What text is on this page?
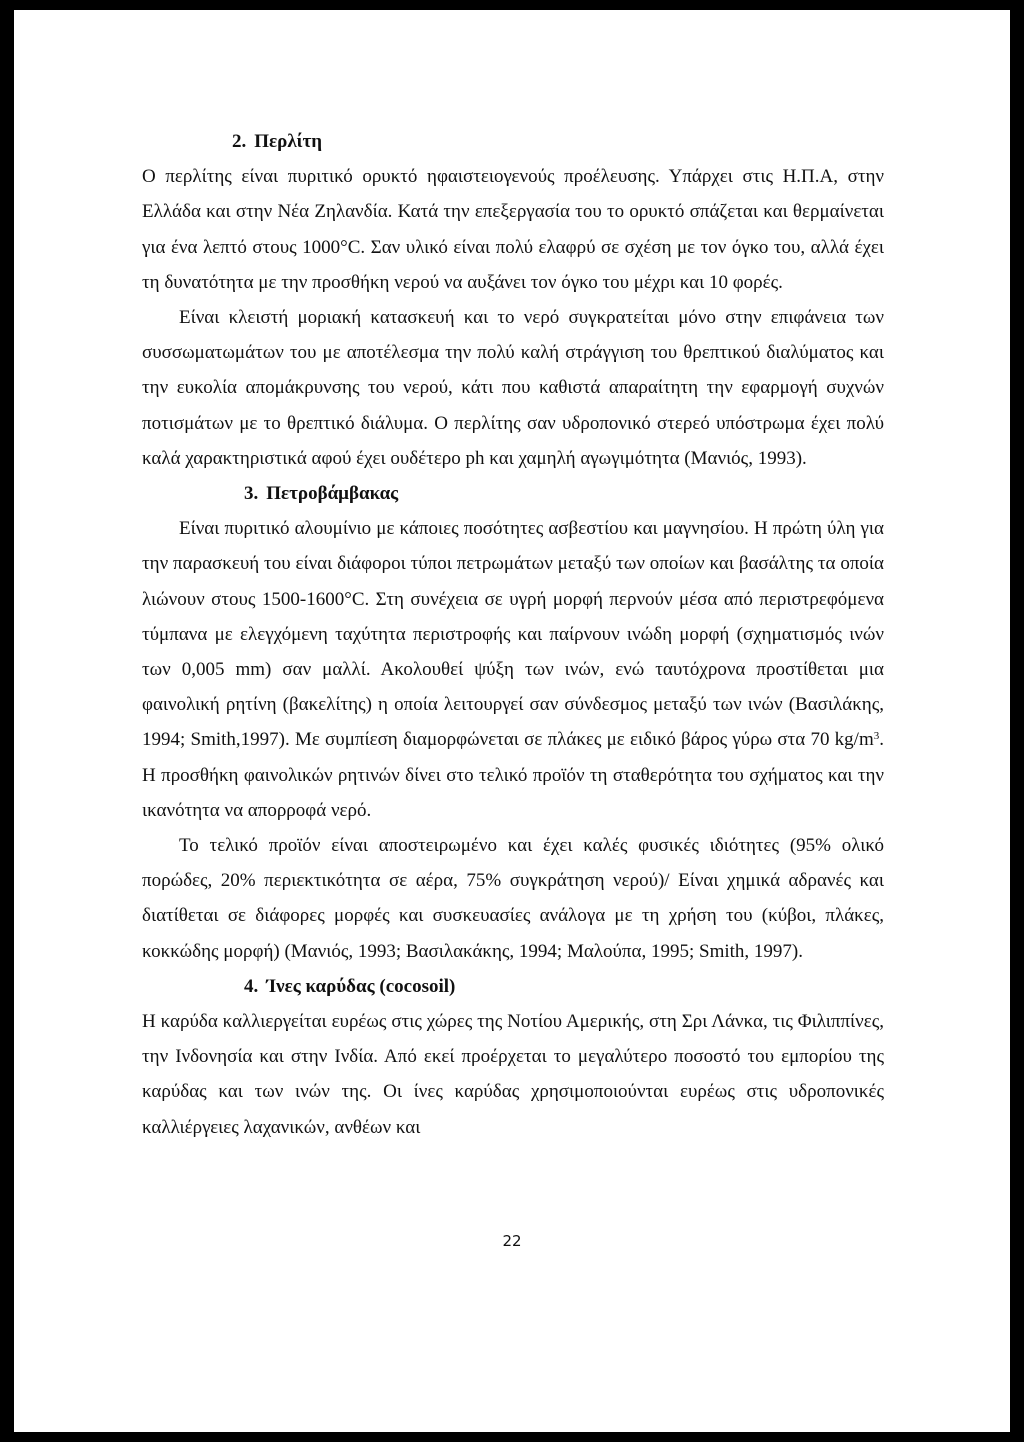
2. Περλίτη

Ο περλίτης είναι πυριτικό ορυκτό ηφαιστειογενούς προέλευσης. Υπάρχει στις Η.Π.Α, στην Ελλάδα και στην Νέα Ζηλανδία. Κατά την επεξεργασία του το ορυκτό σπάζεται και θερμαίνεται για ένα λεπτό στους 1000°C. Σαν υλικό είναι πολύ ελαφρύ σε σχέση με τον όγκο του, αλλά έχει τη δυνατότητα με την προσθήκη νερού να αυξάνει τον όγκο του μέχρι και 10 φορές.

Είναι κλειστή μοριακή κατασκευή και το νερό συγκρατείται μόνο στην επιφάνεια των συσσωματωμάτων του με αποτέλεσμα την πολύ καλή στράγγιση του θρεπτικού διαλύματος και την ευκολία απομάκρυνσης του νερού, κάτι που καθιστά απαραίτητη την εφαρμογή συχνών ποτισμάτων με το θρεπτικό διάλυμα. Ο περλίτης σαν υδροπονικό στερεό υπόστρωμα έχει πολύ καλά χαρακτηριστικά αφού έχει ουδέτερο ph και χαμηλή αγωγιμότητα (Μανιός, 1993).

3. Πετροβάμβακας

Είναι πυριτικό αλουμίνιο με κάποιες ποσότητες ασβεστίου και μαγνησίου. Η πρώτη ύλη για την παρασκευή του είναι διάφοροι τύποι πετρωμάτων μεταξύ των οποίων και βασάλτης τα οποία λιώνουν στους 1500-1600°C. Στη συνέχεια σε υγρή μορφή περνούν μέσα από περιστρεφόμενα τύμπανα με ελεγχόμενη ταχύτητα περιστροφής και παίρνουν ινώδη μορφή (σχηματισμός ινών των 0,005 mm) σαν μαλλί. Ακολουθεί ψύξη των ινών, ενώ ταυτόχρονα προστίθεται μια φαινολική ρητίνη (βακελίτης) η οποία λειτουργεί σαν σύνδεσμος μεταξύ των ινών (Βασιλάκης, 1994; Smith,1997). Με συμπίεση διαμορφώνεται σε πλάκες με ειδικό βάρος γύρω στα 70 $kg/m^3$. Η προσθήκη φαινολικών ρητινών δίνει στο τελικό προϊόν τη σταθερότητα του σχήματος και την ικανότητα να απορροφά νερό.

Το τελικό προϊόν είναι αποστειρωμένο και έχει καλές φυσικές ιδιότητες (95% ολικό πορώδες, 20% περιεκτικότητα σε αέρα, 75% συγκράτηση νερού)/ Είναι χημικά αδρανές και διατίθεται σε διάφορες μορφές και συσκευασίες ανάλογα με τη χρήση του (κύβοι, πλάκες, κοκκώδης μορφή) (Μανιός, 1993; Βασιλακάκης, 1994; Μαλούπα, 1995; Smith, 1997).

4. Ίνες καρύδας (cocosoil)

Η καρύδα καλλιεργείται ευρέως στις χώρες της Νοτίου Αμερικής, στη Σρι Λάνκα, τις Φιλιππίνες, την Ινδονησία και στην Ινδία. Από εκεί προέρχεται το μεγαλύτερο ποσοστό του εμπορίου της καρύδας και των ινών της. Οι ίνες καρύδας χρησιμοποιούνται ευρέως στις υδροπονικές καλλιέργειες λαχανικών, ανθέων και

22
